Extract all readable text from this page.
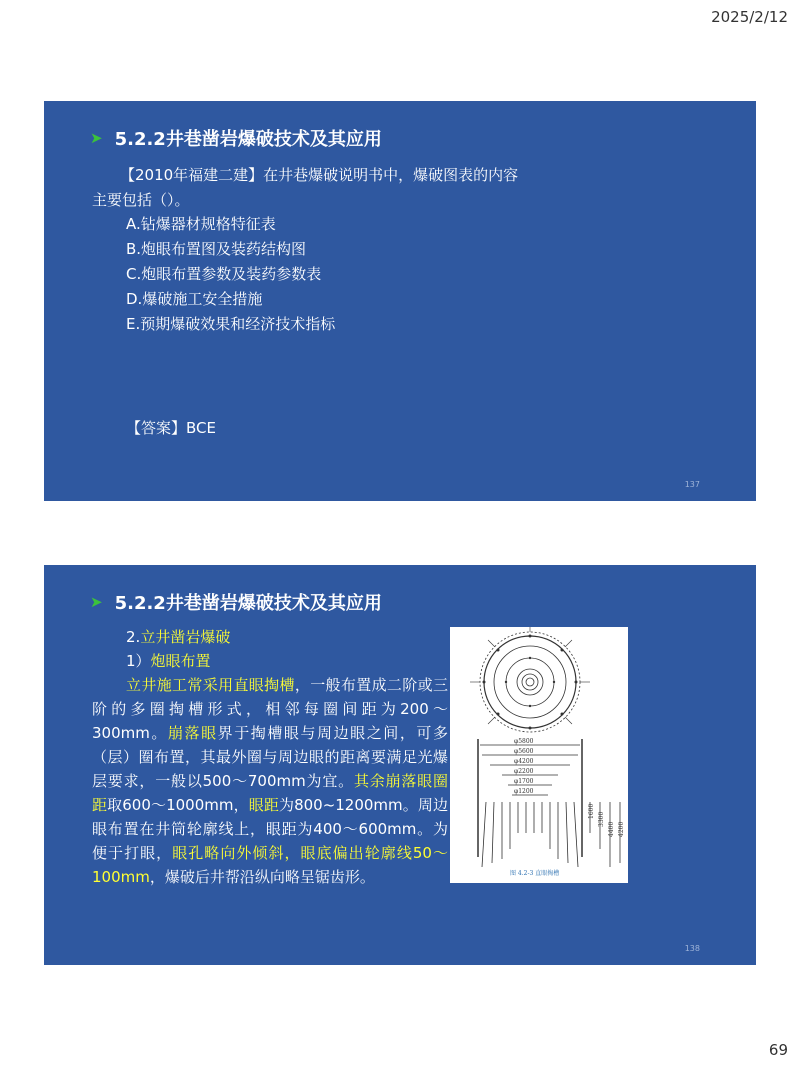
2025/2/12
➤ 5.2.2井巷凿岩爆破技术及其应用
【2010年福建二建】在井巷爆破说明书中，爆破图表的内容
主要包括（）。
A.钻爆器材规格特征表
B.炮眼布置图及装药结构图
C.炮眼布置参数及装药参数表
D.爆破施工安全措施
E.预期爆破效果和经济技术指标
【答案】BCE
137
➤ 5.2.2井巷凿岩爆破技术及其应用
2.立井凿岩爆破
1）炮眼布置
立井施工常采用直眼掏槽，一般布置成二阶或三阶的多圈掏槽形式，相邻每圈间距为200～300mm。崩落眼界于掏槽眼与周边眼之间，可多（层）圈布置，其最外圈与周边眼的距离要满足光爆层要求，一般以500～700mm为宜。其余崩落眼圈距取600～1000mm，眼距为800~1200mm。周边眼布置在井筒轮廓线上，眼距为400～600mm。为便于打眼，眼孔略向外倾斜，眼底偏出轮廓线50～100mm，爆破后井帮沿纵向略呈锯齿形。
φ5800
φ5600
φ4200
φ2200
φ1700
φ1200
1600
3300
4400 4200
图 4.2-3 直眼掏槽
138
69
